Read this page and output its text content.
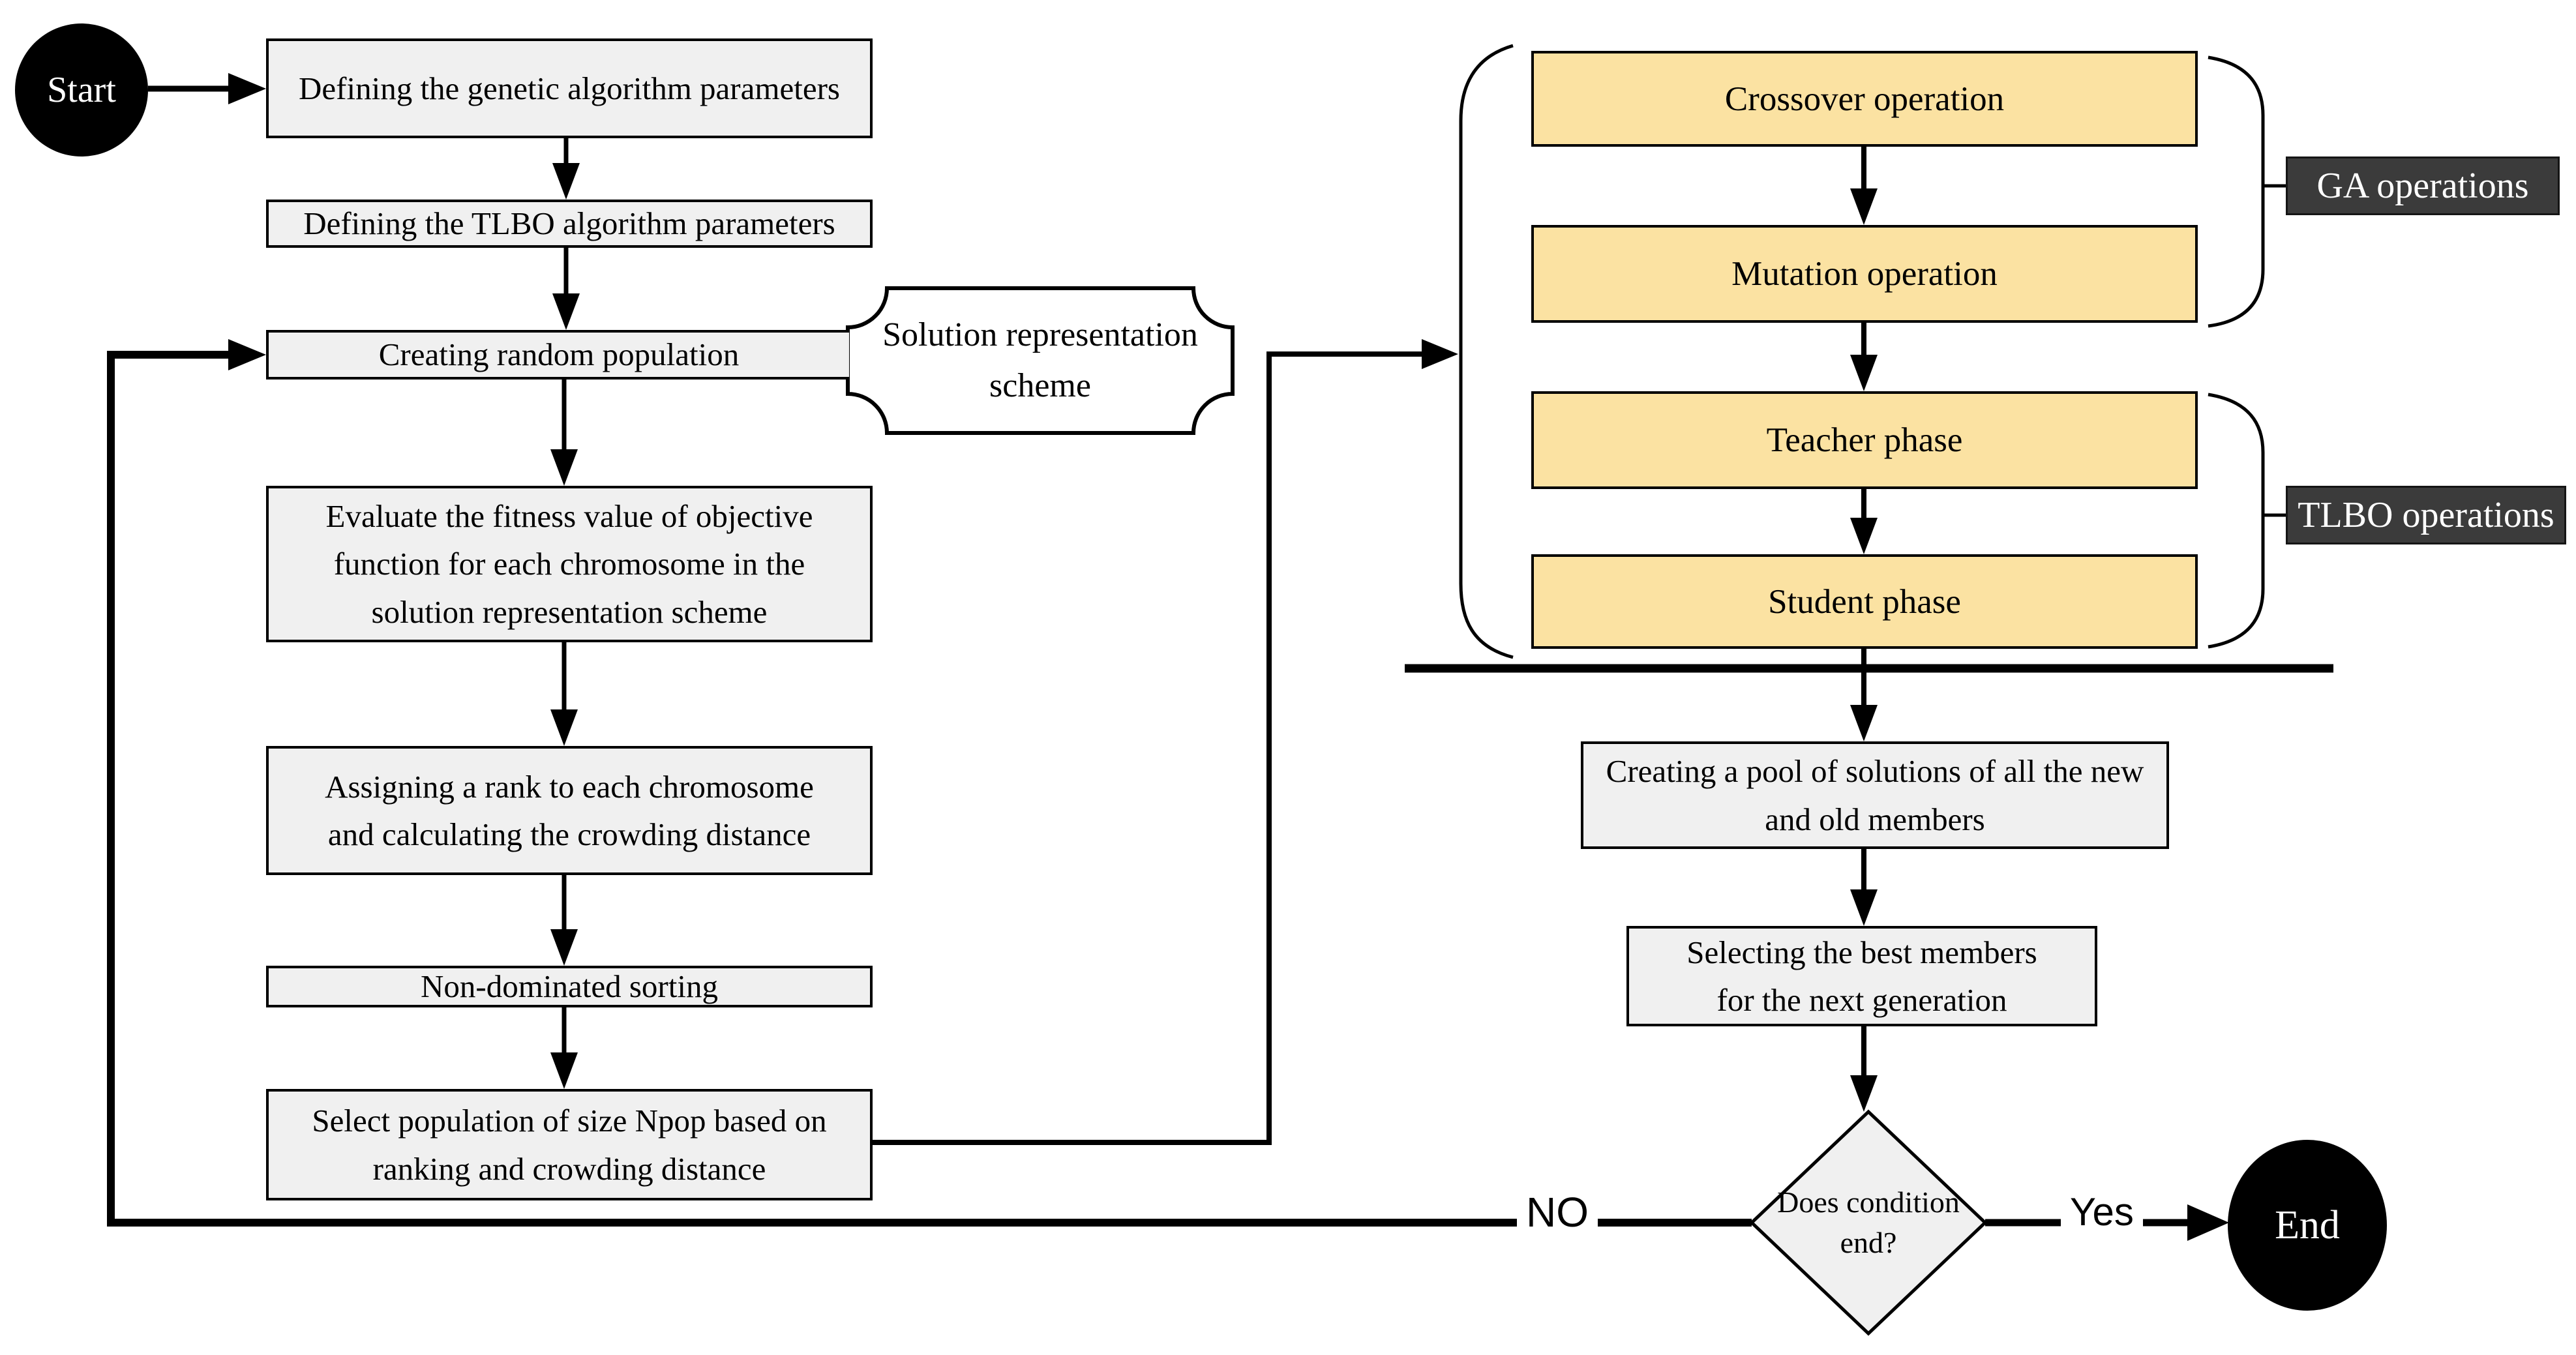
Start
End
Defining the genetic algorithm parameters
Defining the TLBO algorithm parameters
Creating random population
Evaluate the fitness value of objective function for each chromosome in the solution representation scheme
Assigning a rank to each chromosome and calculating the crowding distance
Non-dominated sorting
Select population of size Npop based on ranking and crowding distance
Solution representation scheme
Crossover operation
Mutation operation
Teacher phase
Student phase
GA operations
TLBO operations
Creating a pool of solutions of all the new and old members
Selecting the best members for the next generation
Does condition
end?
NO	Yes
